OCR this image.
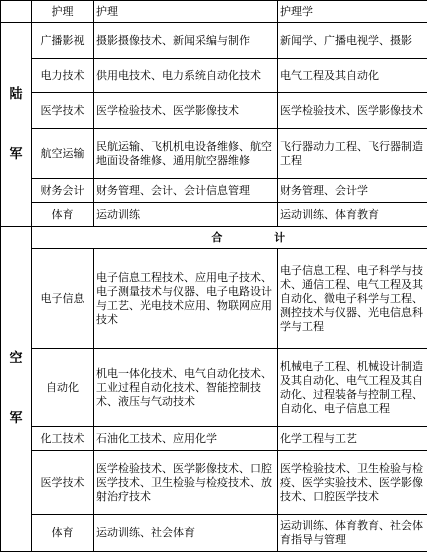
	护理	护理	护理学

陆
军	广播影视	摄影摄像技术、新闻采编与制作	新闻学、广播电视学、摄影
	电力技术	供用电技术、电力系统自动化技术	电气工程及其自动化
	医学技术	医学检验技术、医学影像技术	医学检验技术、医学影像技术
	航空运输	民航运输、飞机机电设备维修、航空地面设备维修、通用航空器维修	飞行器动力工程、飞行器制造工程
	财务会计	财务管理、会计、会计信息管理	财务管理、会计学
	体育	运动训练	运动训练、体育教育

空
军		合 计	
	电子信息	电子信息工程技术、应用电子技术、电子测量技术与仪器、电子电路设计与工艺、光电技术应用、物联网应用技术	电子信息工程、电子科学与技术、通信工程、电气工程及其自动化、微电子科学与工程、测控技术与仪器、光电信息科学与工程
	自动化	机电一体化技术、电气自动化技术、工业过程自动化技术、智能控制技术、液压与气动技术	机械电子工程、机械设计制造及其自动化、电气工程及其自动化、过程装备与控制工程、自动化、电子信息工程
	化工技术	石油化工技术、应用化学	化学工程与工艺
	医学技术	医学检验技术、医学影像技术、口腔医学技术、卫生检验与检疫技术、放射治疗技术	医学检验技术、卫生检验与检疫、医学实验技术、医学影像技术、口腔医学技术
	体育	运动训练、社会体育	运动训练、体育教育、社会体育指导与管理
